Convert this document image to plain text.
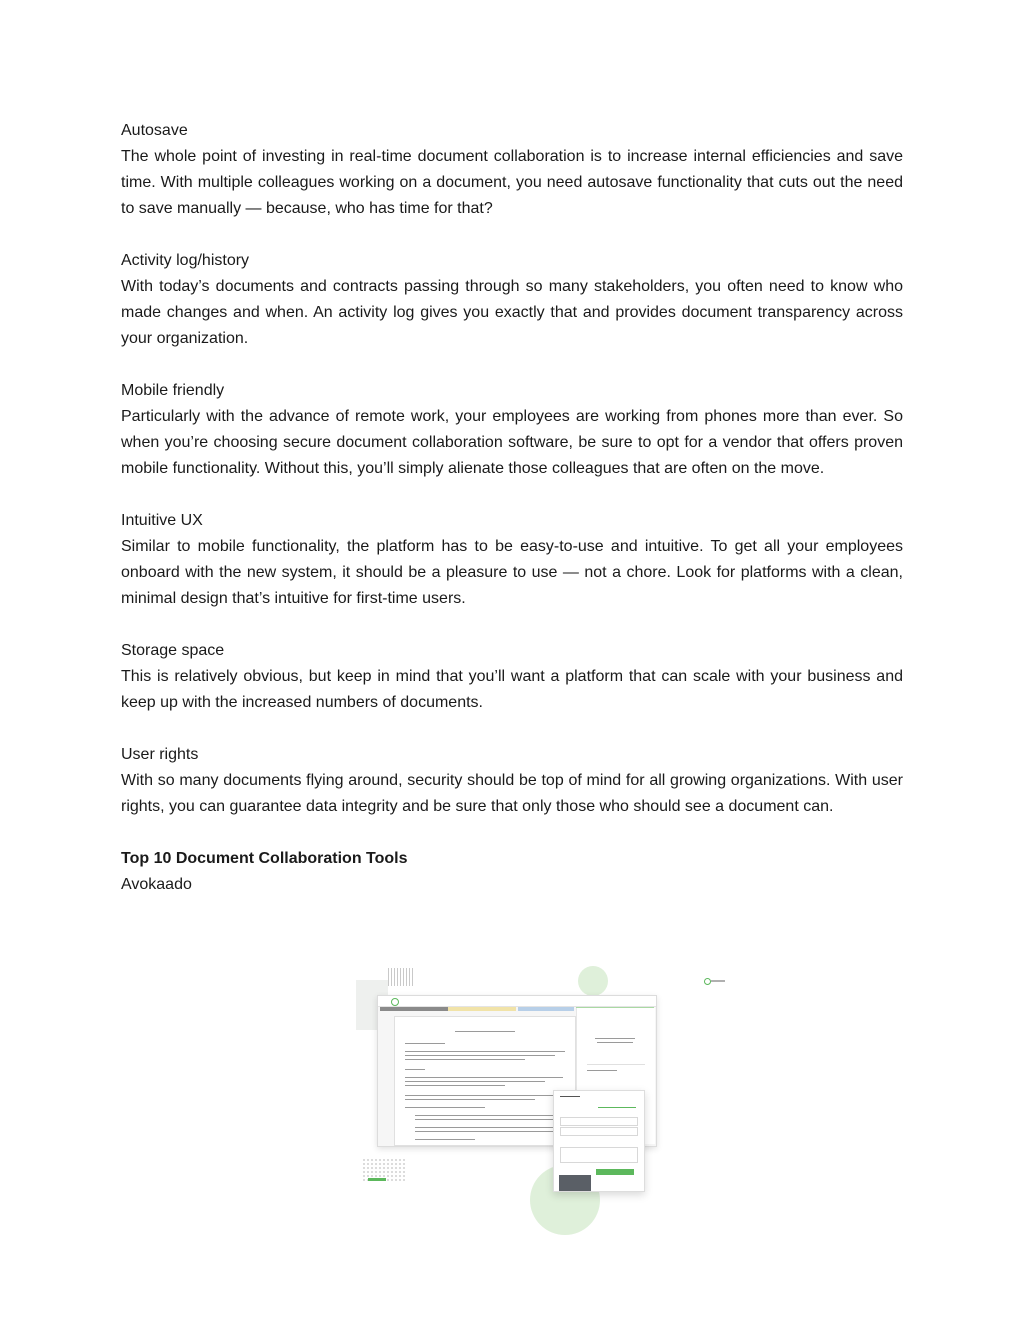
Autosave
The whole point of investing in real-time document collaboration is to increase internal efficiencies and save time. With multiple colleagues working on a document, you need autosave functionality that cuts out the need to save manually — because, who has time for that?
Activity log/history
With today’s documents and contracts passing through so many stakeholders, you often need to know who made changes and when. An activity log gives you exactly that and provides document transparency across your organization.
Mobile friendly
Particularly with the advance of remote work, your employees are working from phones more than ever. So when you’re choosing secure document collaboration software, be sure to opt for a vendor that offers proven mobile functionality. Without this, you’ll simply alienate those colleagues that are often on the move.
Intuitive UX
Similar to mobile functionality, the platform has to be easy-to-use and intuitive. To get all your employees onboard with the new system, it should be a pleasure to use — not a chore. Look for platforms with a clean, minimal design that’s intuitive for first-time users.
Storage space
This is relatively obvious, but keep in mind that you’ll want a platform that can scale with your business and keep up with the increased numbers of documents.
User rights
With so many documents flying around, security should be top of mind for all growing organizations. With user rights, you can guarantee data integrity and be sure that only those who should see a document can.
Top 10 Document Collaboration Tools
Avokaado
